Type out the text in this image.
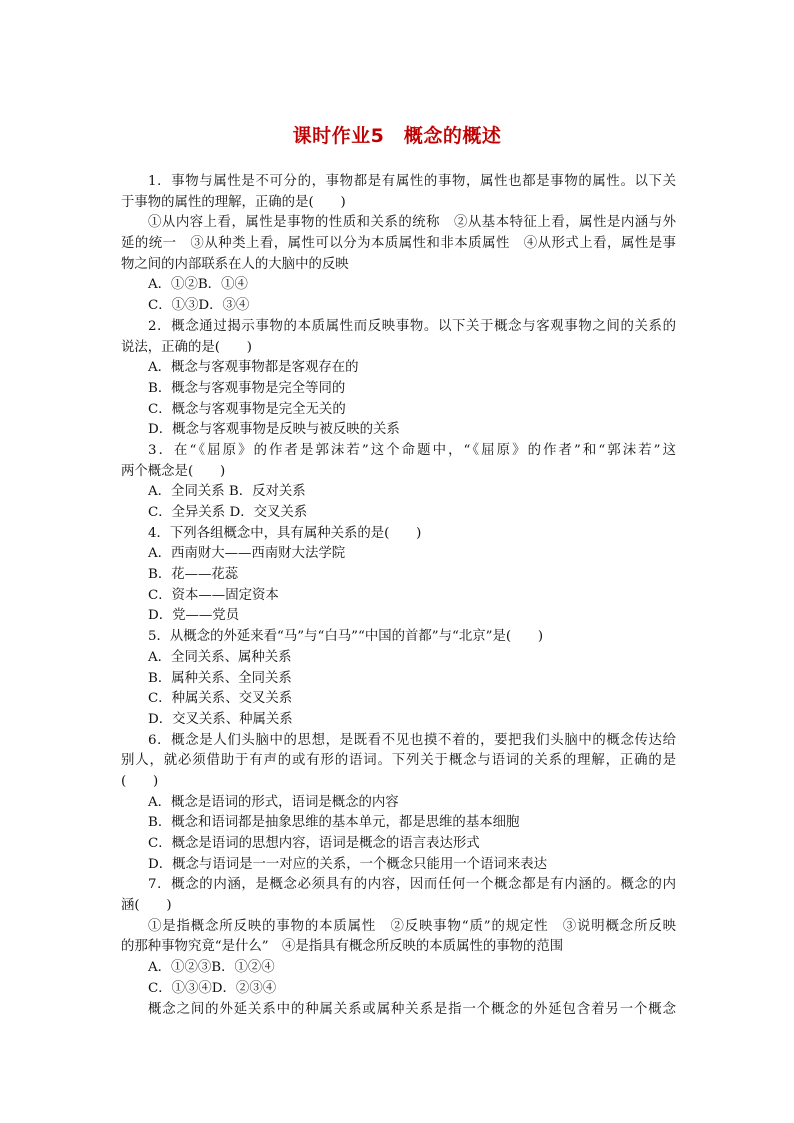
课时作业5　概念的概述
1．事物与属性是不可分的，事物都是有属性的事物，属性也都是事物的属性。以下关
于事物的属性的理解，正确的是(　　)
①从内容上看，属性是事物的性质和关系的统称　②从基本特征上看，属性是内涵与外
延的统一　③从种类上看，属性可以分为本质属性和非本质属性　④从形式上看，属性是事
物之间的内部联系在人的大脑中的反映
A．①②B．①④
C．①③D．③④
2．概念通过揭示事物的本质属性而反映事物。以下关于概念与客观事物之间的关系的
说法，正确的是(　　)
A．概念与客观事物都是客观存在的
B．概念与客观事物是完全等同的
C．概念与客观事物是完全无关的
D．概念与客观事物是反映与被反映的关系
3．在“《屈原》的作者是郭沫若”这个命题中，“《屈原》的作者”和“郭沫若”这
两个概念是(　　)
A．全同关系 B．反对关系
C．全异关系 D．交叉关系
4．下列各组概念中，具有属种关系的是(　　)
A．西南财大——西南财大法学院
B．花——花蕊
C．资本——固定资本
D．党——党员
5．从概念的外延来看“马”与“白马”“中国的首都”与“北京”是(　　)
A．全同关系、属种关系
B．属种关系、全同关系
C．种属关系、交叉关系
D．交叉关系、种属关系
6．概念是人们头脑中的思想，是既看不见也摸不着的，要把我们头脑中的概念传达给
别人，就必须借助于有声的或有形的语词。下列关于概念与语词的关系的理解，正确的是
(　　)
A．概念是语词的形式，语词是概念的内容
B．概念和语词都是抽象思维的基本单元，都是思维的基本细胞
C．概念是语词的思想内容，语词是概念的语言表达形式
D．概念与语词是一一对应的关系，一个概念只能用一个语词来表达
7．概念的内涵，是概念必须具有的内容，因而任何一个概念都是有内涵的。概念的内
涵(　　)
①是指概念所反映的事物的本质属性　②反映事物“质”的规定性　③说明概念所反映
的那种事物究竟“是什么”　④是指具有概念所反映的本质属性的事物的范围
A．①②③B．①②④
C．①③④D．②③④
概念之间的外延关系中的种属关系或属种关系是指一个概念的外延包含着另一个概念
